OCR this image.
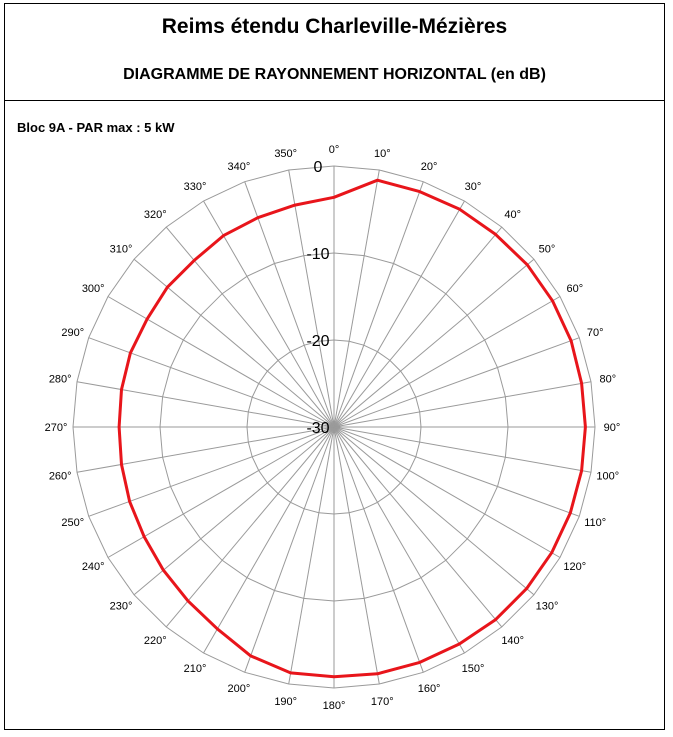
Reims étendu Charleville-Mézières
DIAGRAMME DE RAYONNEMENT HORIZONTAL (en dB)
Bloc 9A - PAR max : 5 kW
0
-10
-20
-30
0°	10°
20°
30°
40°
50°
60°
70°
80°
90°
100°
110°
120°
130°
140°
150°
160°
170°
180°
190°
200°
210°
220°
230°
240°
250°
260°
270°
280°
290°
300°
310°
320°
330°
340°
350°
